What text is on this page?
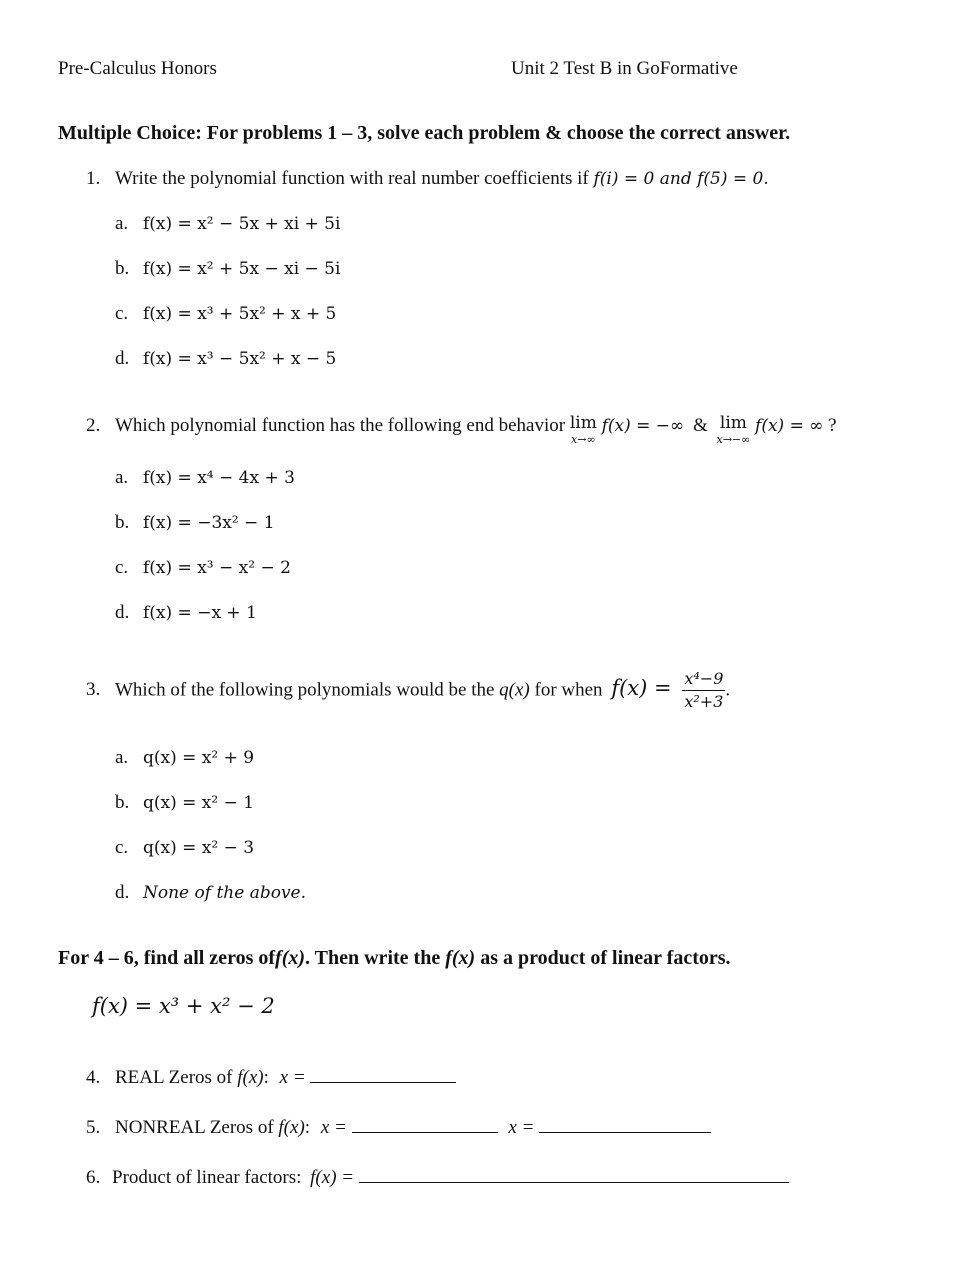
Pre-Calculus Honors	Unit 2 Test B in GoFormative
Multiple Choice: For problems 1 – 3, solve each problem & choose the correct answer.
1. Write the polynomial function with real number coefficients if f(i) = 0 and f(5) = 0.
a. f(x) = x² − 5x + xi + 5i
b. f(x) = x² + 5x − xi − 5i
c. f(x) = x³ + 5x² + x + 5
d. f(x) = x³ − 5x² + x − 5
2. Which polynomial function has the following end behavior lim
x→∞
f(x) = −∞ & lim
x→−∞
f(x) = ∞ ?
a. f(x) = x⁴ − 4x + 3
b. f(x) = −3x² − 1
c. f(x) = x³ − x² − 2
d. f(x) = −x + 1
3. Which of the following polynomials would be the q(x) for when $f(x) = \frac{\text{x⁴−9}}{\text{x²+3}}$ .
a. q(x) = x² + 9
b. q(x) = x² − 1
c. q(x) = x² − 3
d. None of the above.
For 4 – 6, find all zeros off(x). Then write the f(x) as a product of linear factors.
f(x) = x³ + x² − 2
4. REAL Zeros of f(x): x =
5. NONREAL Zeros of f(x): x =	x =
6. Product of linear factors: f(x) =
